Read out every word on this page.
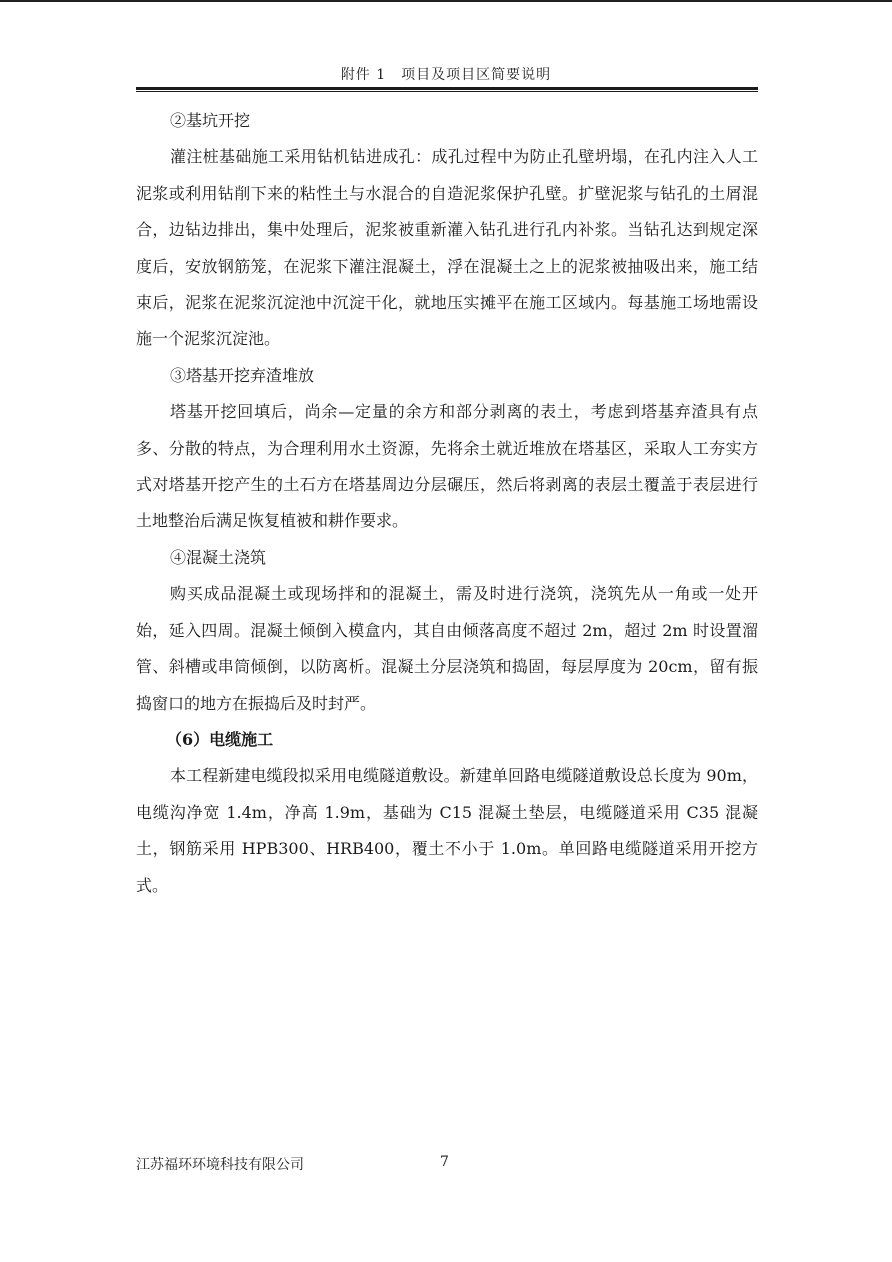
附件 1　项目及项目区简要说明
②基坑开挖

灌注桩基础施工采用钻机钻进成孔：成孔过程中为防止孔壁坍塌，在孔内注入人工泥浆或利用钻削下来的粘性土与水混合的自造泥浆保护孔壁。扩壁泥浆与钻孔的土屑混合，边钻边排出，集中处理后，泥浆被重新灌入钻孔进行孔内补浆。当钻孔达到规定深度后，安放钢筋笼，在泥浆下灌注混凝土，浮在混凝土之上的泥浆被抽吸出来，施工结束后，泥浆在泥浆沉淀池中沉淀干化，就地压实摊平在施工区域内。每基施工场地需设施一个泥浆沉淀池。

③塔基开挖弃渣堆放

塔基开挖回填后，尚余—定量的余方和部分剥离的表土，考虑到塔基弃渣具有点多、分散的特点，为合理利用水土资源，先将余土就近堆放在塔基区，采取人工夯实方式对塔基开挖产生的土石方在塔基周边分层碾压，然后将剥离的表层土覆盖于表层进行土地整治后满足恢复植被和耕作要求。

④混凝土浇筑

购买成品混凝土或现场拌和的混凝土，需及时进行浇筑，浇筑先从一角或一处开始，延入四周。混凝土倾倒入模盒内，其自由倾落高度不超过 2m，超过 2m 时设置溜管、斜槽或串筒倾倒，以防离析。混凝土分层浇筑和捣固，每层厚度为 20cm，留有振捣窗口的地方在振捣后及时封严。

（6）电缆施工

本工程新建电缆段拟采用电缆隧道敷设。新建单回路电缆隧道敷设总长度为 90m，电缆沟净宽 1.4m，净高 1.9m，基础为 C15 混凝土垫层，电缆隧道采用 C35 混凝土，钢筋采用 HPB300、HRB400，覆土不小于 1.0m。单回路电缆隧道采用开挖方式。

江苏福环环境科技有限公司	7
